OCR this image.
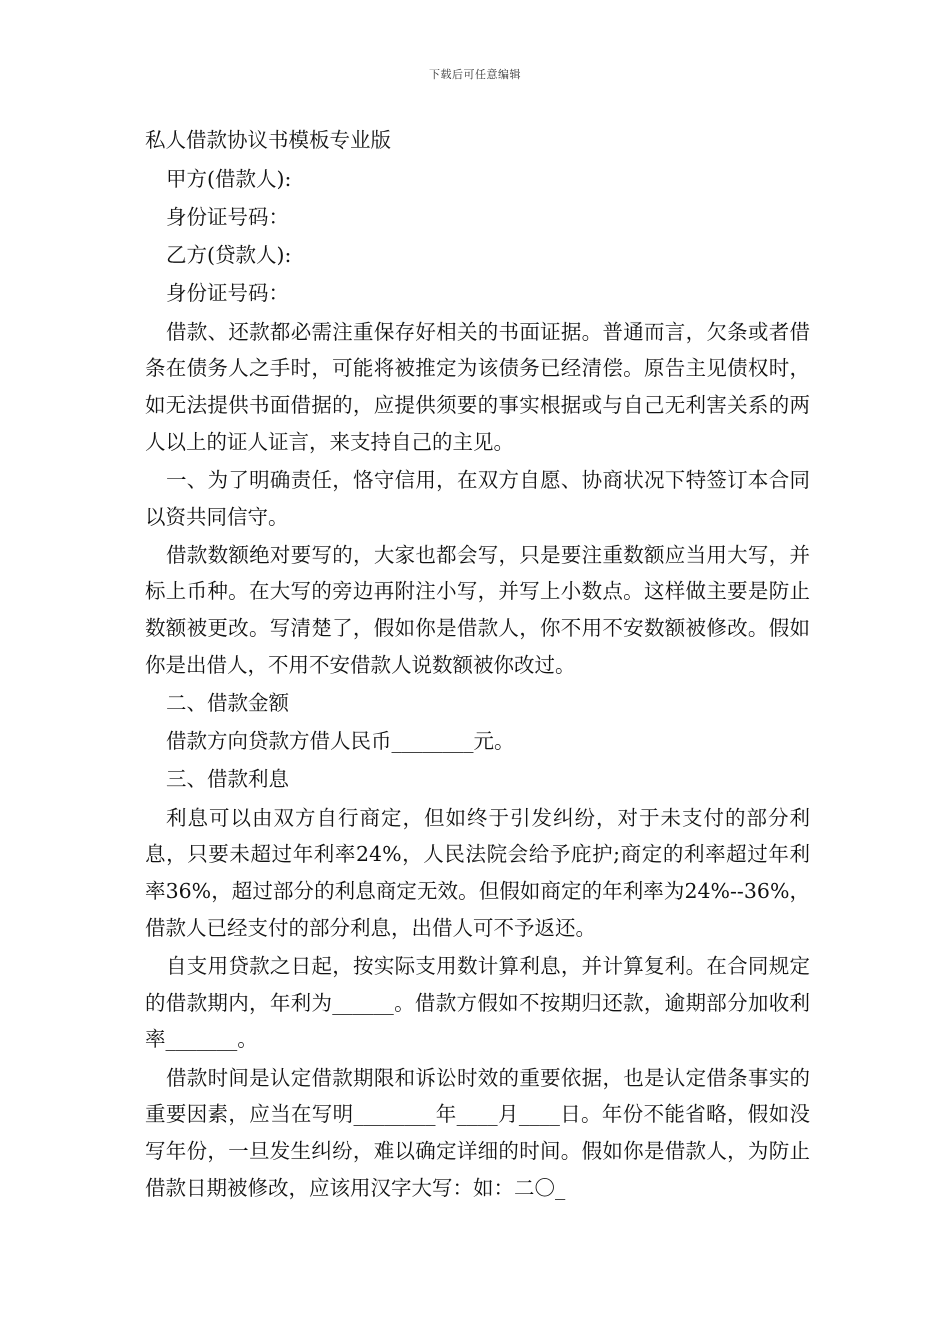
下载后可任意编辑

私人借款协议书模板专业版

甲方(借款人):

身份证号码：

乙方(贷款人):

身份证号码：

借款、还款都必需注重保存好相关的书面证据。普通而言，欠条或者借条在债务人之手时，可能将被推定为该债务已经清偿。原告主见债权时，如无法提供书面借据的，应提供须要的事实根据或与自己无利害关系的两人以上的证人证言，来支持自己的主见。

一、为了明确责任，恪守信用，在双方自愿、协商状况下特签订本合同以资共同信守。

借款数额绝对要写的，大家也都会写，只是要注重数额应当用大写，并标上币种。在大写的旁边再附注小写，并写上小数点。这样做主要是防止数额被更改。写清楚了，假如你是借款人，你不用不安数额被修改。假如你是出借人，不用不安借款人说数额被你改过。

二、借款金额

借款方向贷款方借人民币________元。

三、借款利息

利息可以由双方自行商定，但如终于引发纠纷，对于未支付的部分利息，只要未超过年利率24%，人民法院会给予庇护;商定的利率超过年利率36%，超过部分的利息商定无效。但假如商定的年利率为24%--36%，借款人已经支付的部分利息，出借人可不予返还。

自支用贷款之日起，按实际支用数计算利息，并计算复利。在合同规定的借款期内，年利为______。借款方假如不按期归还款，逾期部分加收利率_______。

借款时间是认定借款期限和诉讼时效的重要依据，也是认定借条事实的重要因素，应当在写明________年____月____日。年份不能省略，假如没写年份，一旦发生纠纷，难以确定详细的时间。假如你是借款人，为防止借款日期被修改，应该用汉字大写：如：二〇_
